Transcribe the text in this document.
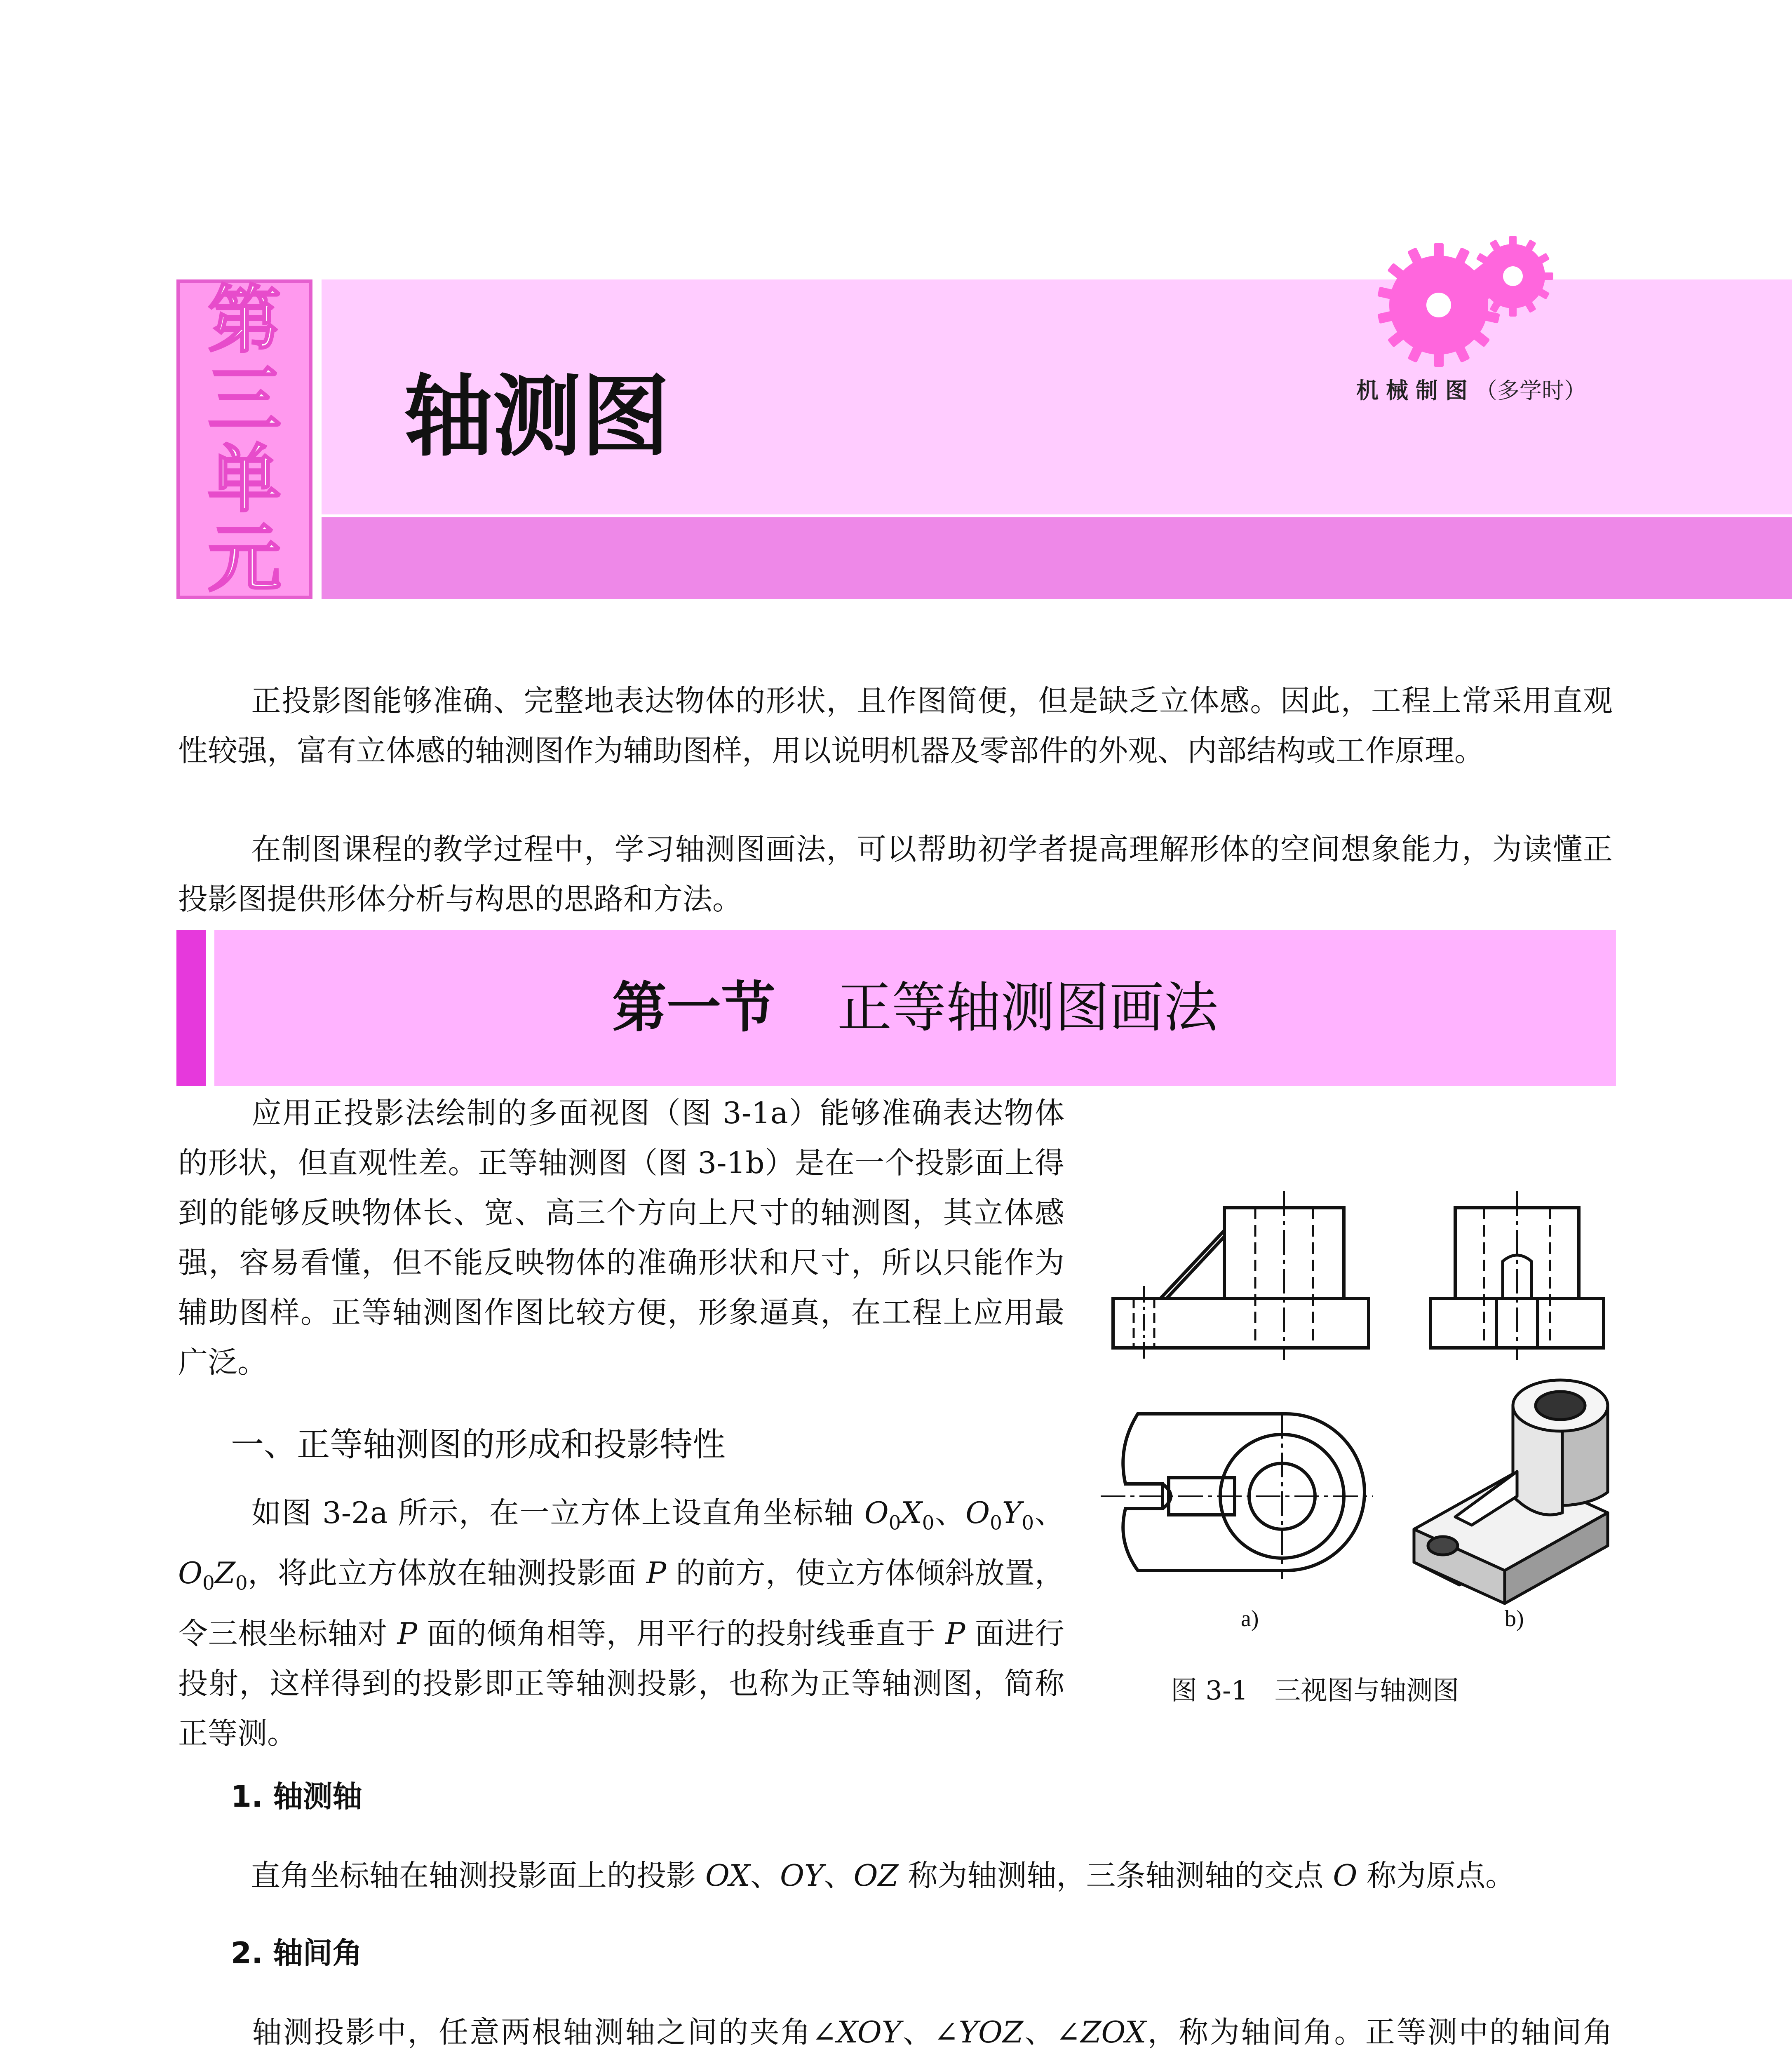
第
三
单
元
轴测图	机械制图（多学时）
正投影图能够准确、完整地表达物体的形状，且作图简便，但是缺乏立体感。因此，工程上常采用直观性较强，富有立体感的轴测图作为辅助图样，用以说明机器及零部件的外观、内部结构或工作原理。
在制图课程的教学过程中，学习轴测图画法，可以帮助初学者提高理解形体的空间想象能力，为读懂正投影图提供形体分析与构思的思路和方法。
第一节 正等轴测图画法
应用正投影法绘制的多面视图（图 3-1a）能够准确表达物体的形状，但直观性差。正等轴测图（图 3-1b）是在一个投影面上得到的能够反映物体长、宽、高三个方向上尺寸的轴测图，其立体感强，容易看懂，但不能反映物体的准确形状和尺寸，所以只能作为辅助图样。正等轴测图作图比较方便，形象逼真，在工程上应用最广泛。
一、正等轴测图的形成和投影特性
如图 3-2a 所示，在一立方体上设直角坐标轴 $O_0X_0$、$O_0Y_0$、$O_0Z_0$，将此立方体放在轴测投影面 P 的前方，使立方体倾斜放置，令三根坐标轴对 P 面的倾角相等，用平行的投射线垂直于 P 面进行投射，这样得到的投影即正等轴测投影，也称为正等轴测图，简称正等测。
a)	b)
图 3-1　三视图与轴测图
1. 轴测轴
直角坐标轴在轴测投影面上的投影 OX、OY、OZ 称为轴测轴，三条轴测轴的交点 O 称为原点。
2. 轴间角
轴测投影中，任意两根轴测轴之间的夹角∠XOY、∠YOZ、∠ZOX，称为轴间角。正等测中的轴间角
